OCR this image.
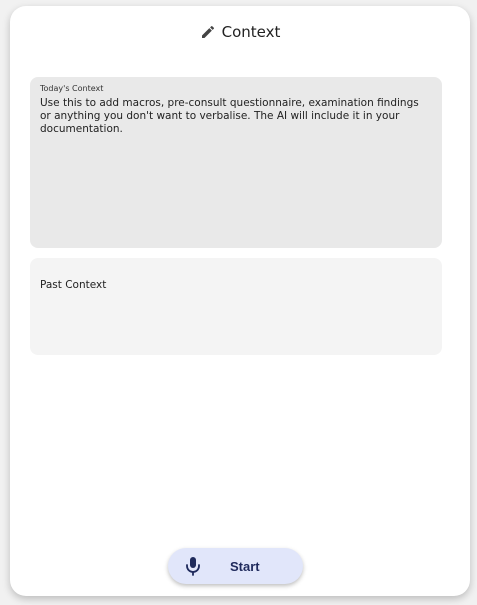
Context
Today's Context
Use this to add macros, pre-consult questionnaire, examination findings or anything you don't want to verbalise. The AI will include it in your documentation.
Past Context
Start
